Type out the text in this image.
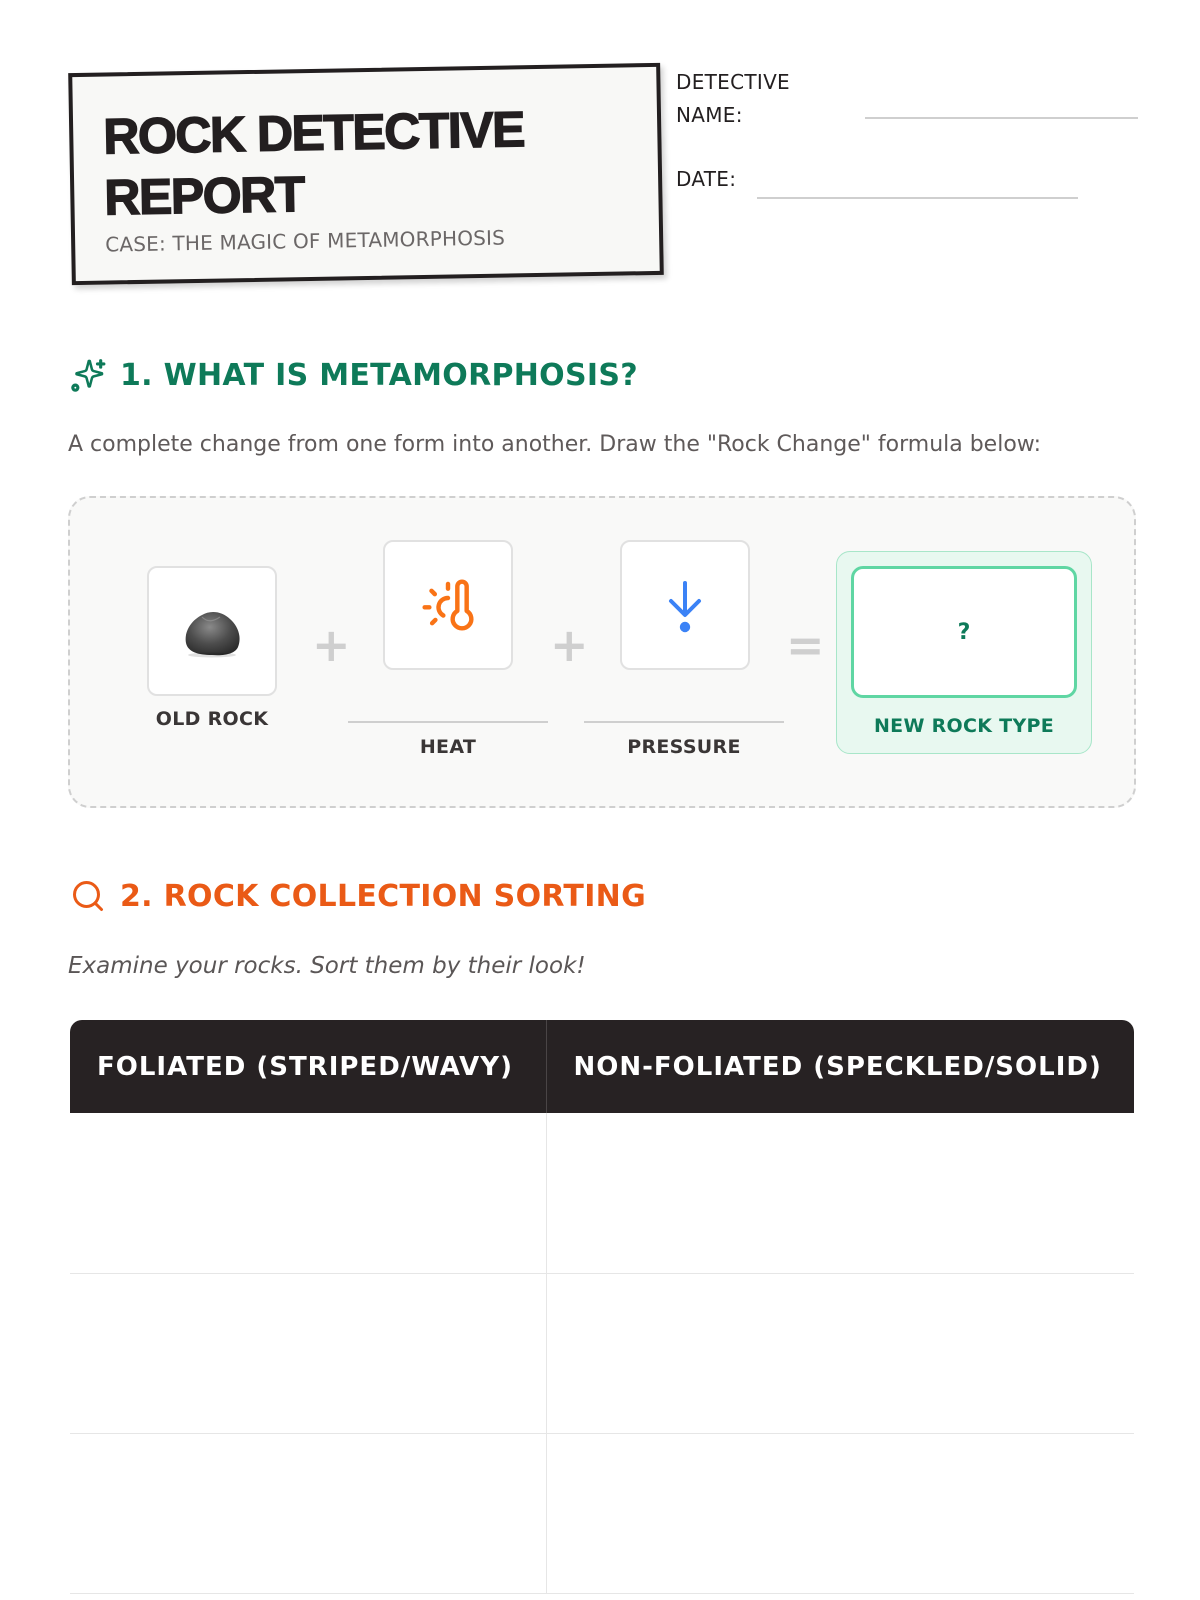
ROCK DETECTIVE REPORT
CASE: THE MAGIC OF METAMORPHOSIS
DETECTIVE
NAME:
DATE:
1. WHAT IS METAMORPHOSIS?
A complete change from one form into another. Draw the "Rock Change" formula below:
OLD ROCK
+
HEAT
+
PRESSURE
=	?
NEW ROCK TYPE
2. ROCK COLLECTION SORTING
Examine your rocks. Sort them by their look!
FOLIATED (STRIPED/WAVY)	NON-FOLIATED (SPECKLED/SOLID)
